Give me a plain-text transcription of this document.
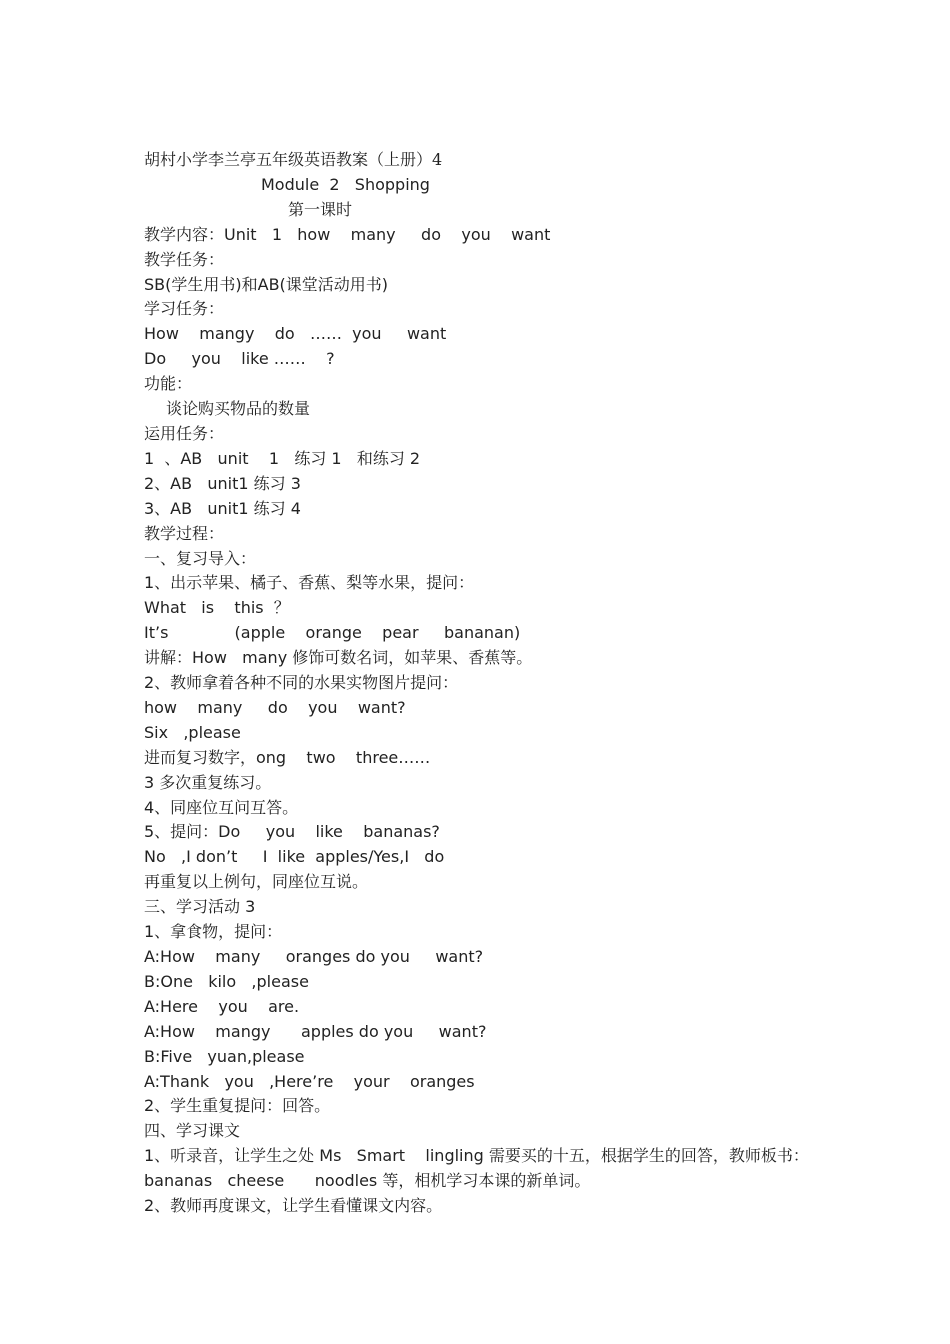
胡村小学李兰亭五年级英语教案（上册）4

Module  2   Shopping

第一课时

教学内容：Unit   1   how    many     do    you    want

教学任务：

SB(学生用书)和AB(课堂活动用书)

学习任务：

How    mangy    do   ……  you     want

Do     you    like ……    ?

功能：

谈论购买物品的数量

运用任务：

1  、AB   unit    1   练习 1   和练习 2

2、AB   unit1 练习 3

3、AB   unit1 练习 4

教学过程：

一、复习导入：

1、出示苹果、橘子、香蕉、梨等水果，提问：

What   is    this  ？

It’s             (apple    orange    pear     bananan)

讲解：How   many 修饰可数名词，如苹果、香蕉等。

2、教师拿着各种不同的水果实物图片提问：

how    many     do    you    want?

Six   ,please

进而复习数字，ong    two    three……

3 多次重复练习。

4、同座位互问互答。

5、提问：Do     you    like    bananas?

No   ,I don’t     I  like  apples/Yes,I   do

再重复以上例句，同座位互说。

三、学习活动 3

1、拿食物，提问：

A:How    many     oranges do you     want?

B:One   kilo   ,please

A:Here    you    are.

A:How    mangy      apples do you     want?

B:Five   yuan,please

A:Thank   you   ,Here’re    your    oranges

2、学生重复提问：回答。

四、学习课文

1、听录音，让学生之处 Ms   Smart    lingling 需要买的十五，根据学生的回答，教师板书：

bananas   cheese      noodles 等，相机学习本课的新单词。

2、教师再度课文，让学生看懂课文内容。
